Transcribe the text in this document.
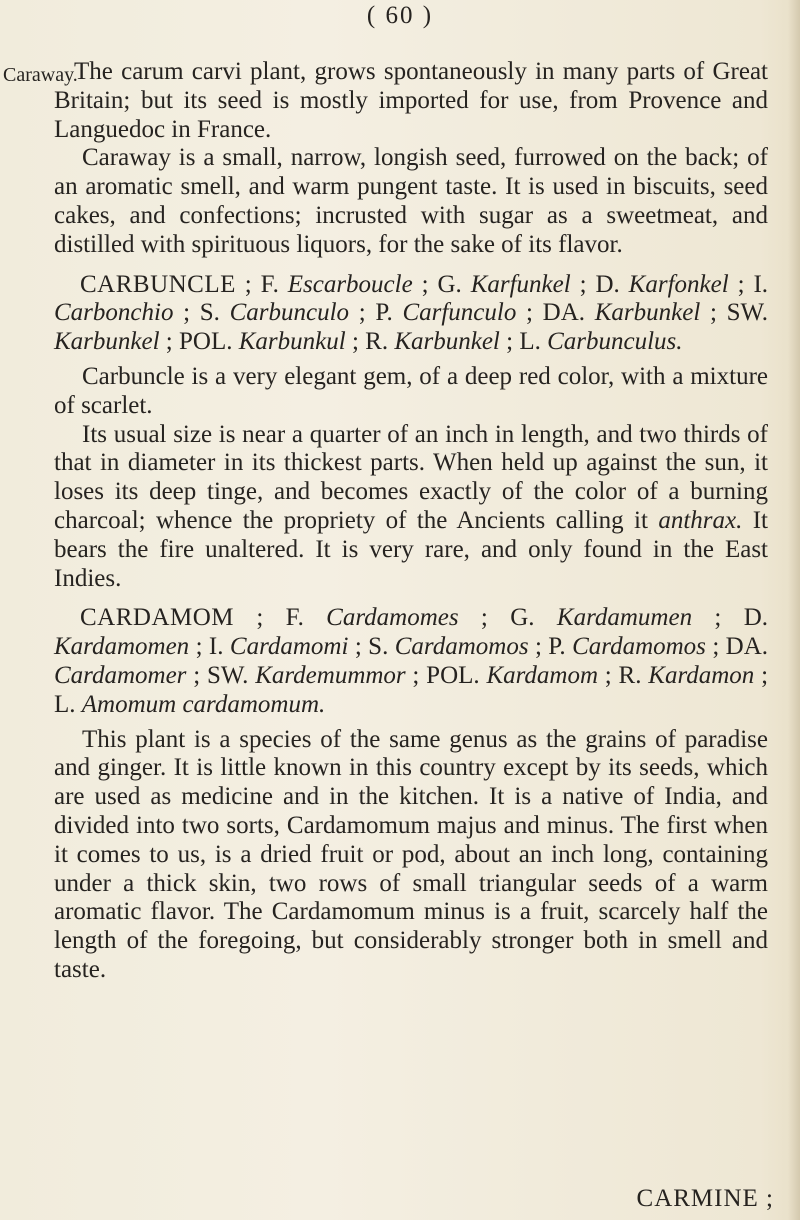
( 60 )
Caraway.

The carum carvi plant, grows spontaneously in many parts of Great Britain; but its seed is mostly imported for use, from Provence and Languedoc in France.

Caraway is a small, narrow, longish seed, furrowed on the back; of an aromatic smell, and warm pungent taste. It is used in biscuits, seed cakes, and confections; incrusted with sugar as a sweetmeat, and distilled with spirituous liquors, for the sake of its flavor.

CARBUNCLE ; F. Escarboucle ; G. Karfunkel ; D. Karfonkel ; I. Carbonchio ; S. Carbunculo ; P. Carfunculo ; DA. Karbunkel ; SW. Karbunkel ; POL. Karbunkul ; R. Karbunkel ; L. Carbunculus.

Carbuncle is a very elegant gem, of a deep red color, with a mixture of scarlet.

Its usual size is near a quarter of an inch in length, and two thirds of that in diameter in its thickest parts. When held up against the sun, it loses its deep tinge, and becomes exactly of the color of a burning charcoal; whence the propriety of the Ancients calling it anthrax. It bears the fire unaltered. It is very rare, and only found in the East Indies.

CARDAMOM ; F. Cardamomes ; G. Kardamumen ; D. Kardamomen ; I. Cardamomi ; S. Cardamomos ; P. Cardamomos ; DA. Cardamomer ; SW. Kardemummor ; POL. Kardamom ; R. Kardamon ; L. Amomum cardamomum.

This plant is a species of the same genus as the grains of paradise and ginger. It is little known in this country except by its seeds, which are used as medicine and in the kitchen. It is a native of India, and divided into two sorts, Cardamomum majus and minus. The first when it comes to us, is a dried fruit or pod, about an inch long, containing under a thick skin, two rows of small triangular seeds of a warm aromatic flavor. The Cardamomum minus is a fruit, scarcely half the length of the foregoing, but considerably stronger both in smell and taste.

CARMINE ;
